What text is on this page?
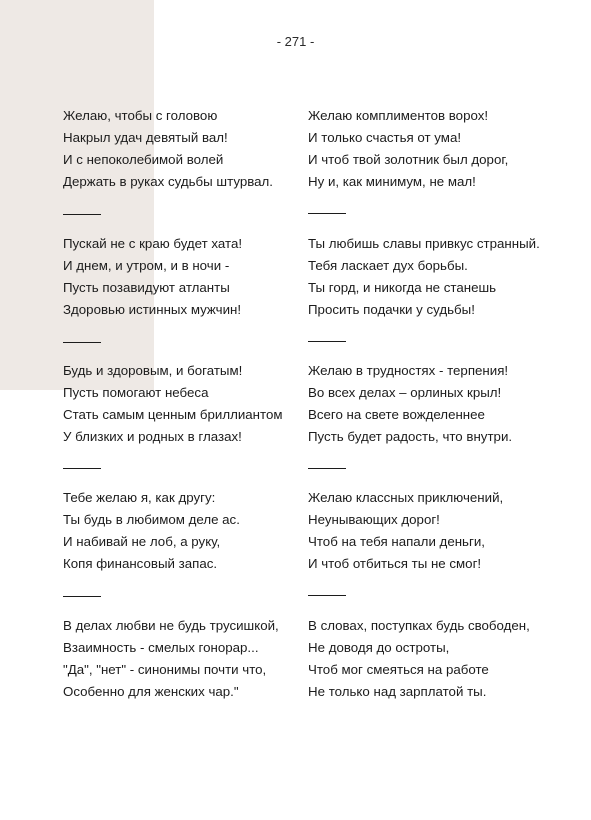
- 271 -
Желаю, чтобы с головою
Накрыл удач девятый вал!
И с непоколебимой волей
Держать в руках судьбы штурвал.
Пускай не с краю будет хата!
И днем, и утром, и в ночи -
Пусть позавидуют атланты
Здоровью истинных мужчин!
Будь и здоровым, и богатым!
Пусть помогают небеса
Стать самым ценным бриллиантом
У близких и родных в глазах!
Тебе желаю я, как другу:
Ты будь в любимом деле ас.
И набивай не лоб, а руку,
Копя финансовый запас.
В делах любви не будь трусишкой,
Взаимность - смелых гонорар...
"Да", "нет" - синонимы почти что,
Особенно для женских чар."
Желаю комплиментов ворох!
И только счастья от ума!
И чтоб твой золотник был дорог,
Ну и, как минимум, не мал!
Ты любишь славы привкус странный.
Тебя ласкает дух борьбы.
Ты горд, и никогда не станешь
Просить подачки у судьбы!
Желаю в трудностях - терпения!
Во всех делах – орлиных крыл!
Всего на свете вожделеннее
Пусть будет радость, что внутри.
Желаю классных приключений,
Неунывающих дорог!
Чтоб на тебя напали деньги,
И чтоб отбиться ты не смог!
В словах, поступках будь свободен,
Не доводя до остроты,
Чтоб мог смеяться на работе
Не только над зарплатой ты.
